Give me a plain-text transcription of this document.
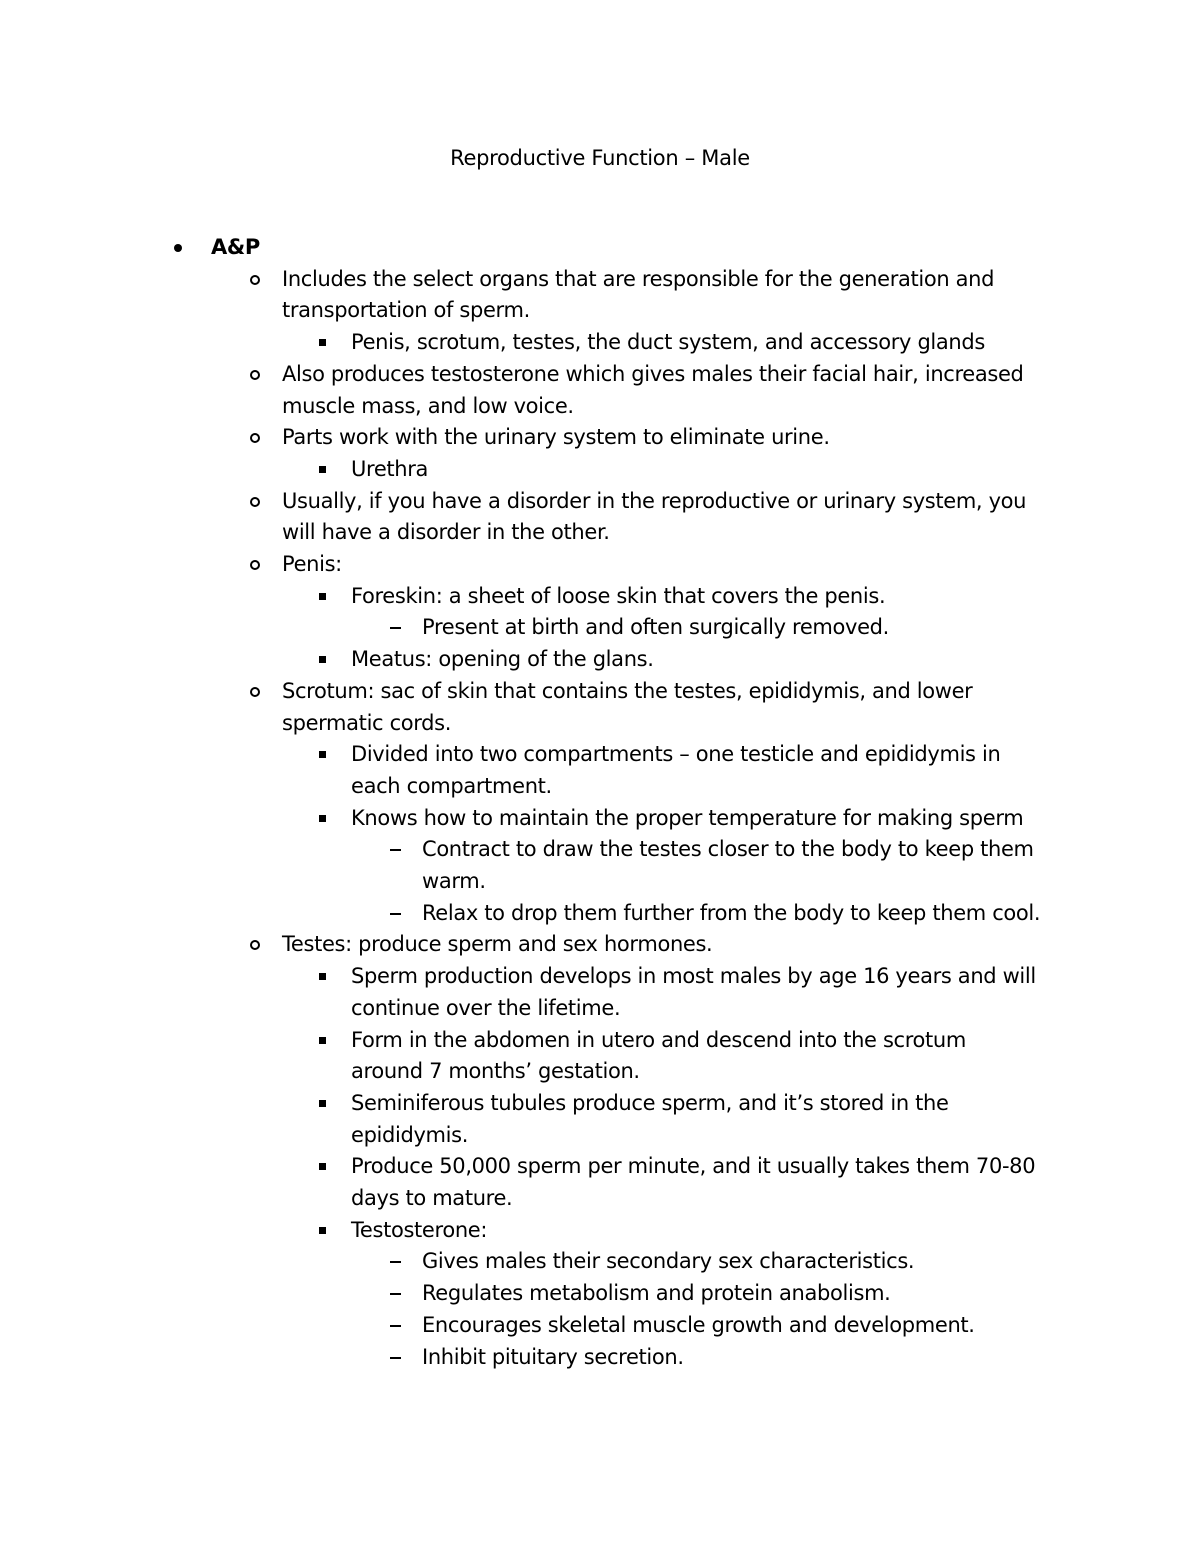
Reproductive Function – Male
A&P
Includes the select organs that are responsible for the generation and
transportation of sperm.
Penis, scrotum, testes, the duct system, and accessory glands
Also produces testosterone which gives males their facial hair, increased
muscle mass, and low voice.
Parts work with the urinary system to eliminate urine.
Urethra
Usually, if you have a disorder in the reproductive or urinary system, you
will have a disorder in the other.
Penis:
Foreskin: a sheet of loose skin that covers the penis.
Present at birth and often surgically removed.
Meatus: opening of the glans.
Scrotum: sac of skin that contains the testes, epididymis, and lower
spermatic cords.
Divided into two compartments – one testicle and epididymis in
each compartment.
Knows how to maintain the proper temperature for making sperm
Contract to draw the testes closer to the body to keep them
warm.
Relax to drop them further from the body to keep them cool.
Testes: produce sperm and sex hormones.
Sperm production develops in most males by age 16 years and will
continue over the lifetime.
Form in the abdomen in utero and descend into the scrotum
around 7 months’ gestation.
Seminiferous tubules produce sperm, and it’s stored in the
epididymis.
Produce 50,000 sperm per minute, and it usually takes them 70-80
days to mature.
Testosterone:
Gives males their secondary sex characteristics.
Regulates metabolism and protein anabolism.
Encourages skeletal muscle growth and development.
Inhibit pituitary secretion.
